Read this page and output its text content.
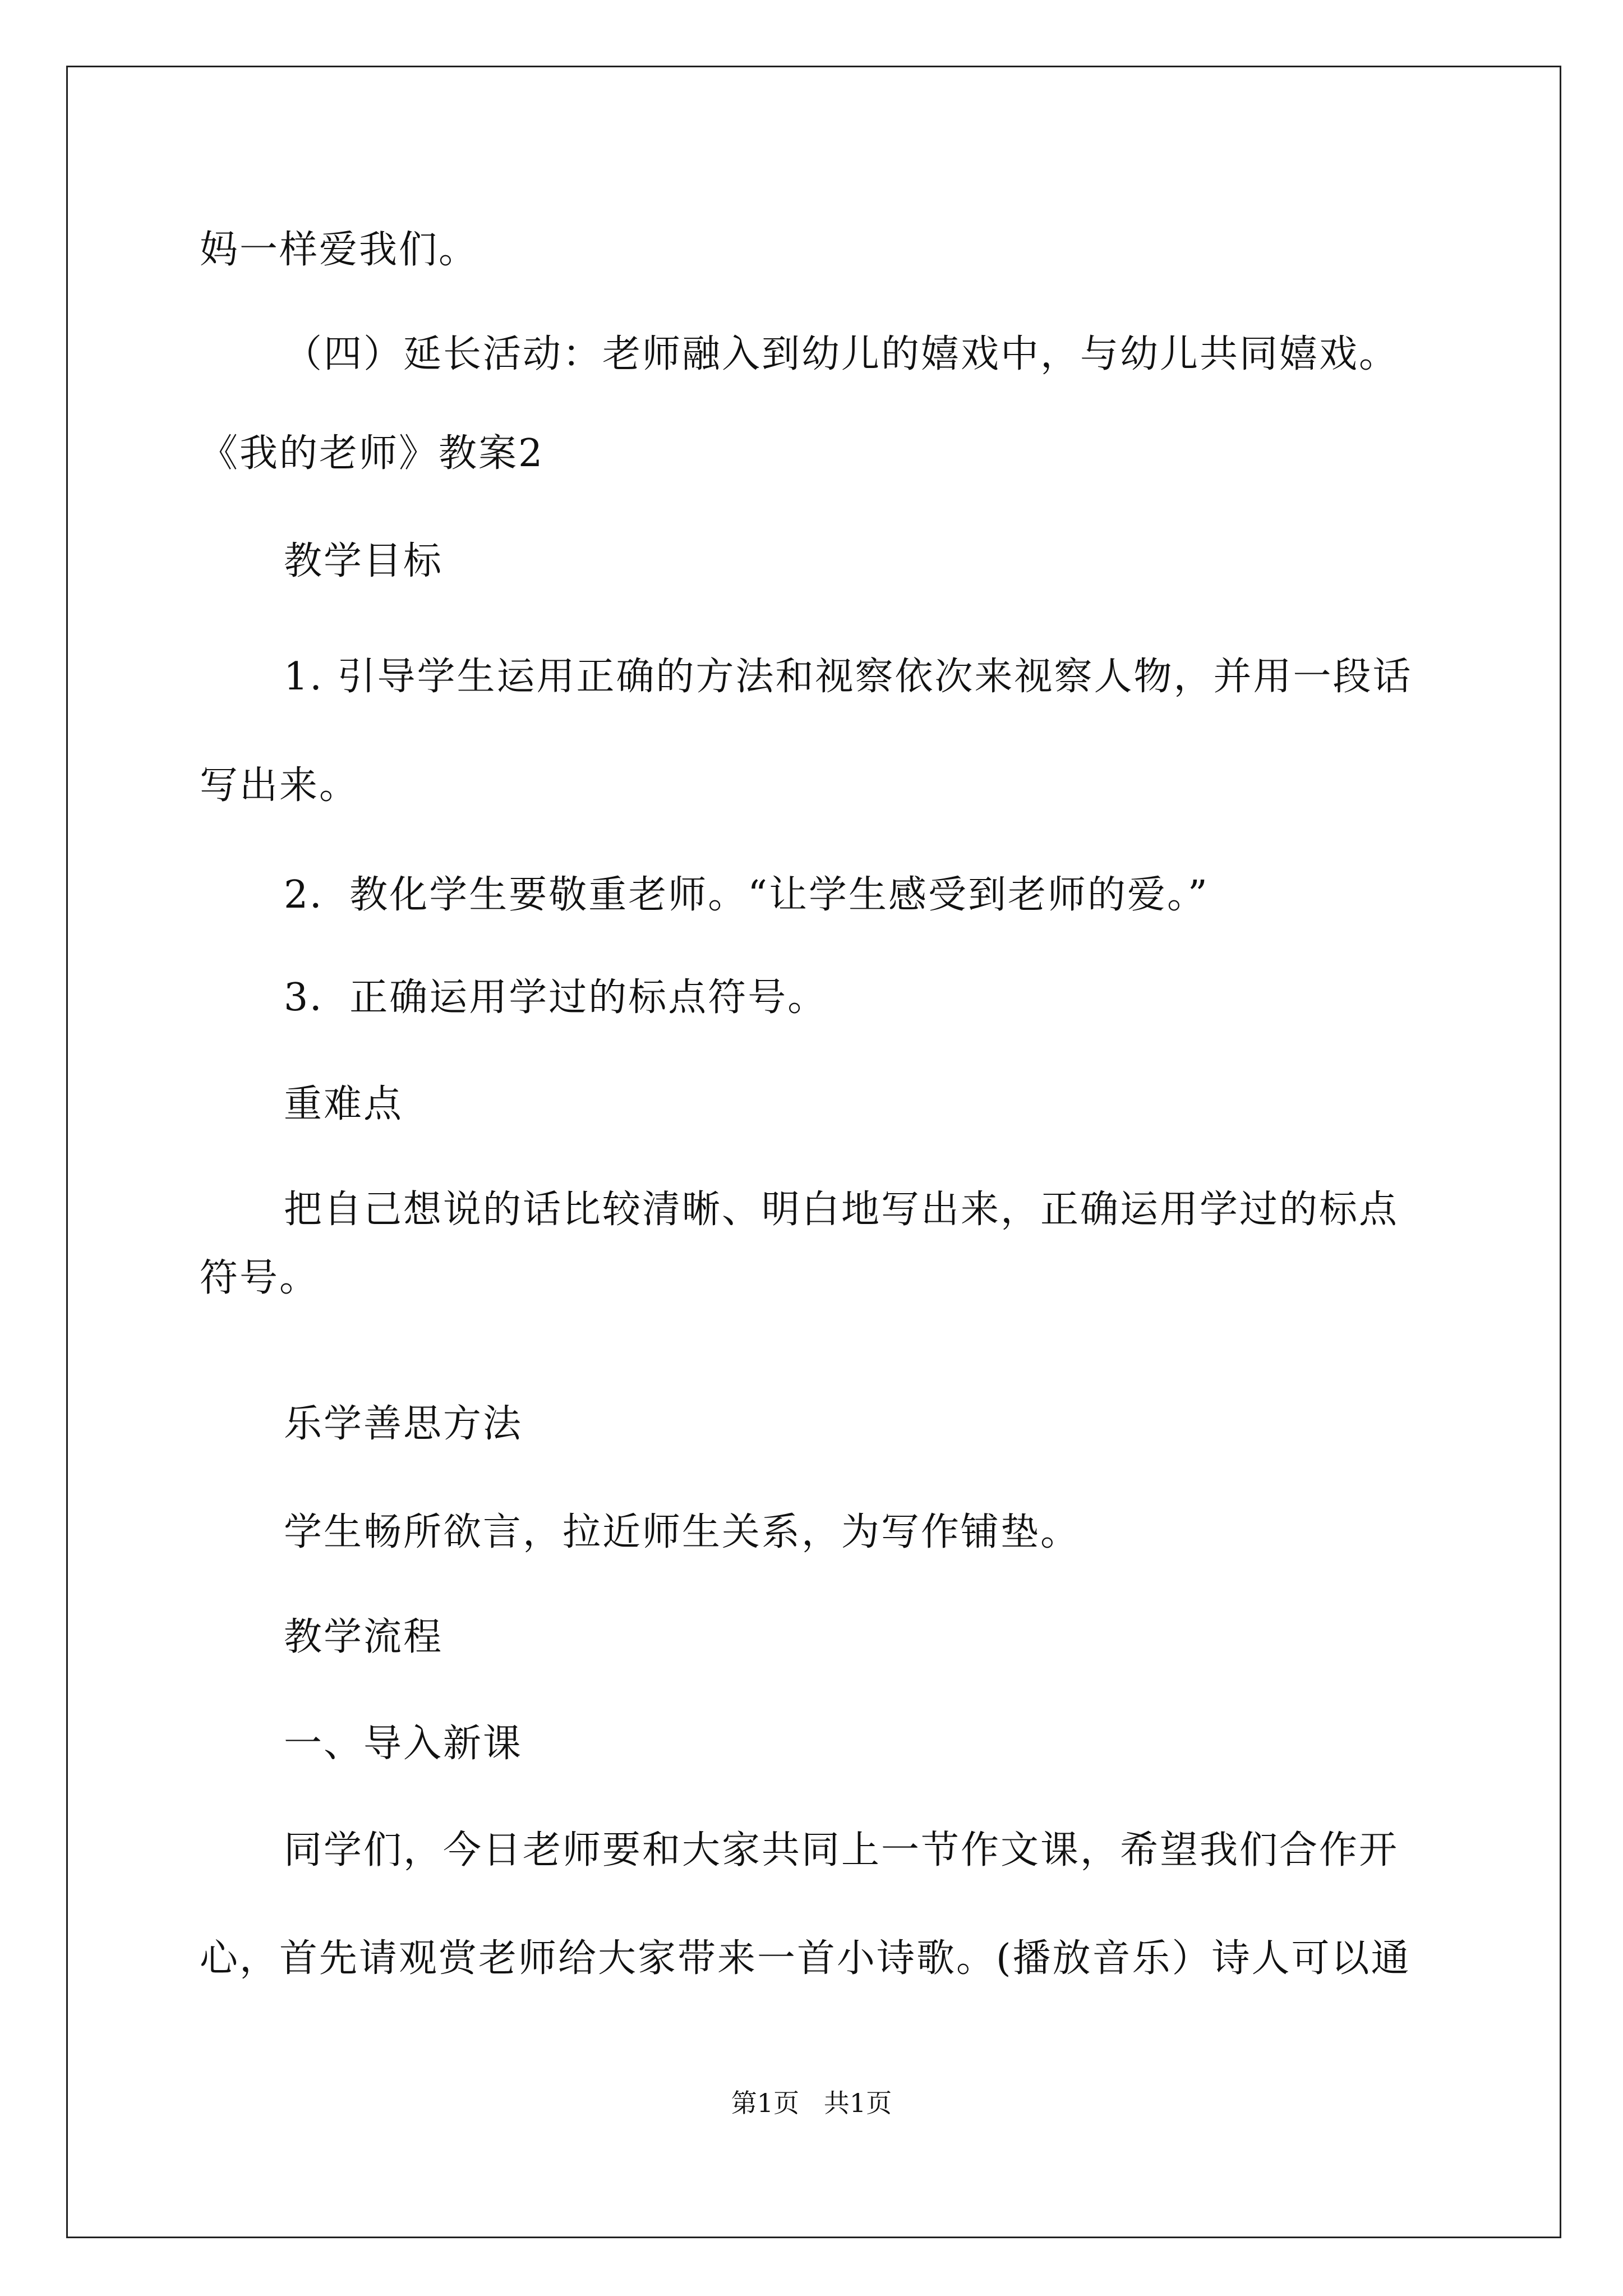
妈一样爱我们。
（四）延长活动：老师融入到幼儿的嬉戏中，与幼儿共同嬉戏。
《我的老师》教案2
教学目标
1. 引导学生运用正确的方法和视察依次来视察人物，并用一段话
写出来。
2．教化学生要敬重老师。“让学生感受到老师的爱。”
3．正确运用学过的标点符号。
重难点
把自己想说的话比较清晰、明白地写出来，正确运用学过的标点
符号。
乐学善思方法
学生畅所欲言，拉近师生关系，为写作铺垫。
教学流程
一、导入新课
同学们，今日老师要和大家共同上一节作文课，希望我们合作开
心，首先请观赏老师给大家带来一首小诗歌。(播放音乐）诗人可以通
第1页   共1页
